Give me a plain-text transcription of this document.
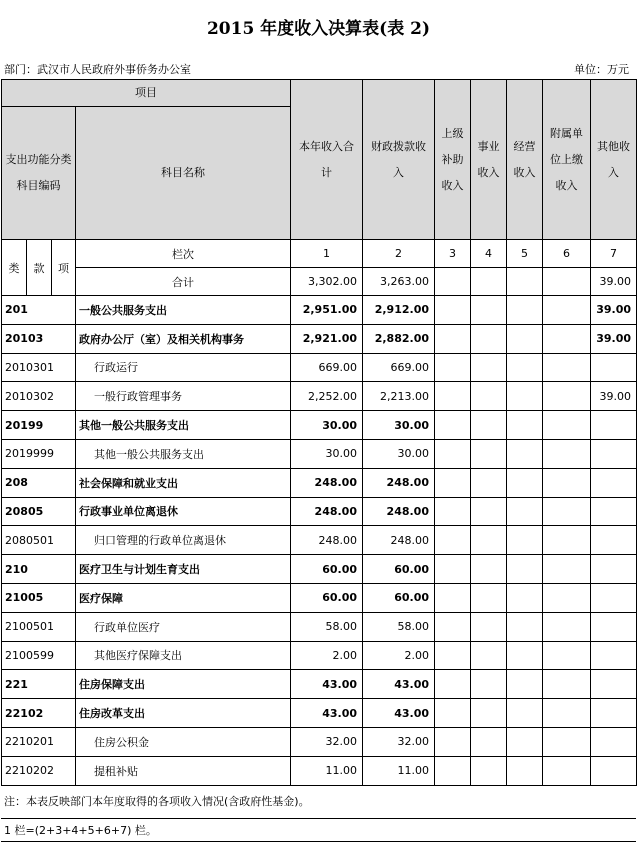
2015 年度收入决算表(表 2)
部门：武汉市人民政府外事侨务办公室	单位：万元
项目				本年收入合计	财政拨款收入	上级补助收入	事业收入	经营收入	附属单位上缴收入	其他收入
支出功能分类科目编码			科目名称							
类	款	项	栏次	1	2	3	4	5	6	7
			合计	3,302.00	3,263.00					39.00
201			一般公共服务支出	2,951.00	2,912.00					39.00
20103			政府办公厅（室）及相关机构事务	2,921.00	2,882.00					39.00
2010301			行政运行	669.00	669.00					
2010302			一般行政管理事务	2,252.00	2,213.00					39.00
20199			其他一般公共服务支出	30.00	30.00					
2019999			其他一般公共服务支出	30.00	30.00					
208			社会保障和就业支出	248.00	248.00					
20805			行政事业单位离退休	248.00	248.00					
2080501			归口管理的行政单位离退休	248.00	248.00					
210			医疗卫生与计划生育支出	60.00	60.00					
21005			医疗保障	60.00	60.00					
2100501			行政单位医疗	58.00	58.00					
2100599			其他医疗保障支出	2.00	2.00					
221			住房保障支出	43.00	43.00					
22102			住房改革支出	43.00	43.00					
2210201			住房公积金	32.00	32.00					
2210202			提租补贴	11.00	11.00					
注：本表反映部门本年度取得的各项收入情况(含政府性基金)。
1 栏=(2+3+4+5+6+7) 栏。
